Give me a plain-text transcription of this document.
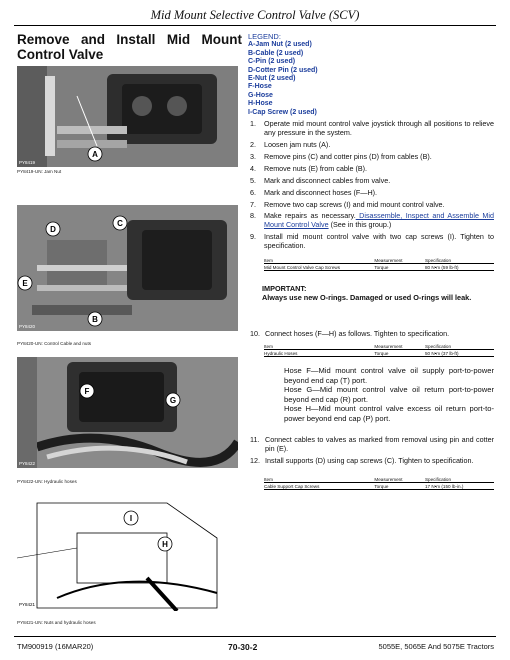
Mid Mount Selective Control Valve (SCV)
Remove and Install Mid Mount Control Valve
LEGEND:
A-Jam Nut (2 used)
B-Cable (2 used)
C-Pin (2 used)
D-Cotter Pin (2 used)
E-Nut (2 used)
F-Hose
G-Hose
H-Hose
I-Cap Screw (2 used)
A
PY8419
PY8419-UN: Jam Nut
C
D
E
B
PY8420
PY8420-UN: Control Cable and nuts
F
G
PY8422
PY8422-UN: Hydraulic hoses
I
H
PY8421
PY8421-UN: Nuts and hydraulic hoses
1. Operate mid mount control valve joystick through all positions to relieve any pressure in the system.
2. Loosen jam nuts (A).
3. Remove pins (C) and cotter pins (D) from cables (B).
4. Remove nuts (E) from cable (B).
5. Mark and disconnect cables from valve.
6. Mark and disconnect hoses (F—H).
7. Remove two cap screws (I) and mid mount control valve.
8. Make repairs as necessary. Disassemble, Inspect and Assemble Mid Mount Control Valve (See in this group.)
9. Install mid mount control valve with two cap screws (I). Tighten to specification.
Item	Measurement	Specification
Mid Mount Control Valve Cap Screws	Torque	80 N•m (59 lb-ft)
IMPORTANT:
Always use new O-rings. Damaged or used O-rings will leak.
10. Connect hoses (F—H) as follows. Tighten to specification.
Item	Measurement	Specification
Hydraulic Hoses	Torque	50 N•m (37 lb-ft)
Hose F—Mid mount control valve oil supply port-to-power beyond end cap (T) port.
Hose G—Mid mount control valve oil return port-to-power beyond end cap (R) port.
Hose H—Mid mount control valve excess oil return port-to-power beyond end cap (P) port.
11. Connect cables to valves as marked from removal using pin and cotter pin (E).
12. Install supports (D) using cap screws (C). Tighten to specification.
Item	Measurement	Specification
Cable Support Cap Screws	Torque	17 N•m (150 lb-in.)
TM900919 (16MAR20)	70-30-2	5055E, 5065E And 5075E Tractors
